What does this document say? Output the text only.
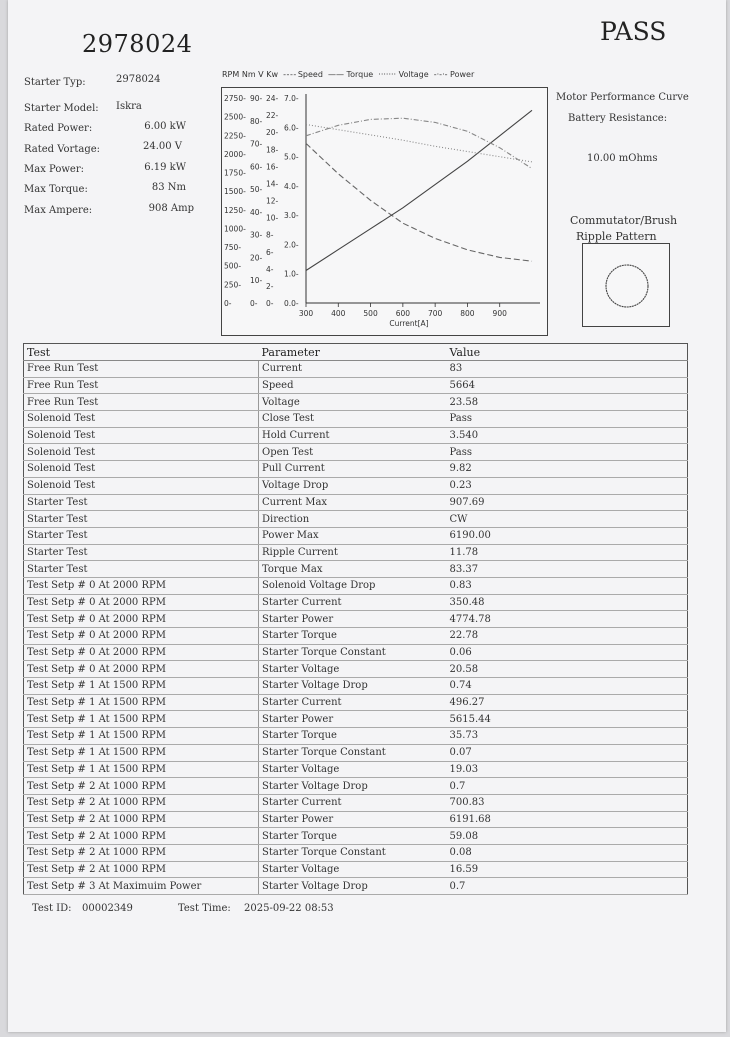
2978024	PASS
Starter Typ:	2978024
Starter Model: Iskra
Rated Power:	6.00 kW
Rated Vortage:	24.00 V
Max Power:	6.19 kW
Max Torque:	83 Nm
Max Ampere:	908 Amp
RPM Nm V Kw - - - - Speed —— Torque ······· Voltage -·-·- Power
2750-
2500-
2250-
2000-
1750-
1500-
1250-
1000-
750-
500-
250-
0-
90-
80-
70-
60-
50-
40-
30-
20-
10-
0-
24-
22-
20-
18-
16-
14-
12-
10-
8-
6-
4-
2-
0-
7.0-
6.0-
5.0-
4.0-
3.0-
2.0-
1.0-
0.0-
300 400 500 600 700 800 900
Current[A]
Motor Performance Curve
Battery Resistance:
10.00 mOhms
Commutator/Brush
Ripple Pattern
Test	Parameter	Value
Free Run Test	Current	83
Free Run Test	Speed	5664
Free Run Test	Voltage	23.58
Solenoid Test	Close Test	Pass
Solenoid Test	Hold Current	3.540
Solenoid Test	Open Test	Pass
Solenoid Test	Pull Current	9.82
Solenoid Test	Voltage Drop	0.23
Starter Test	Current Max	907.69
Starter Test	Direction	CW
Starter Test	Power Max	6190.00
Starter Test	Ripple Current	11.78
Starter Test	Torque Max	83.37
Test Setp # 0 At 2000 RPM	Solenoid Voltage Drop	0.83
Test Setp # 0 At 2000 RPM	Starter Current	350.48
Test Setp # 0 At 2000 RPM	Starter Power	4774.78
Test Setp # 0 At 2000 RPM	Starter Torque	22.78
Test Setp # 0 At 2000 RPM	Starter Torque Constant	0.06
Test Setp # 0 At 2000 RPM	Starter Voltage	20.58
Test Setp # 1 At 1500 RPM	Starter Voltage Drop	0.74
Test Setp # 1 At 1500 RPM	Starter Current	496.27
Test Setp # 1 At 1500 RPM	Starter Power	5615.44
Test Setp # 1 At 1500 RPM	Starter Torque	35.73
Test Setp # 1 At 1500 RPM	Starter Torque Constant	0.07
Test Setp # 1 At 1500 RPM	Starter Voltage	19.03
Test Setp # 2 At 1000 RPM	Starter Voltage Drop	0.7
Test Setp # 2 At 1000 RPM	Starter Current	700.83
Test Setp # 2 At 1000 RPM	Starter Power	6191.68
Test Setp # 2 At 1000 RPM	Starter Torque	59.08
Test Setp # 2 At 1000 RPM	Starter Torque Constant	0.08
Test Setp # 2 At 1000 RPM	Starter Voltage	16.59
Test Setp # 3 At Maximuim Power	Starter Voltage Drop	0.7
Test ID: 00002349	Test Time: 2025-09-22 08:53
